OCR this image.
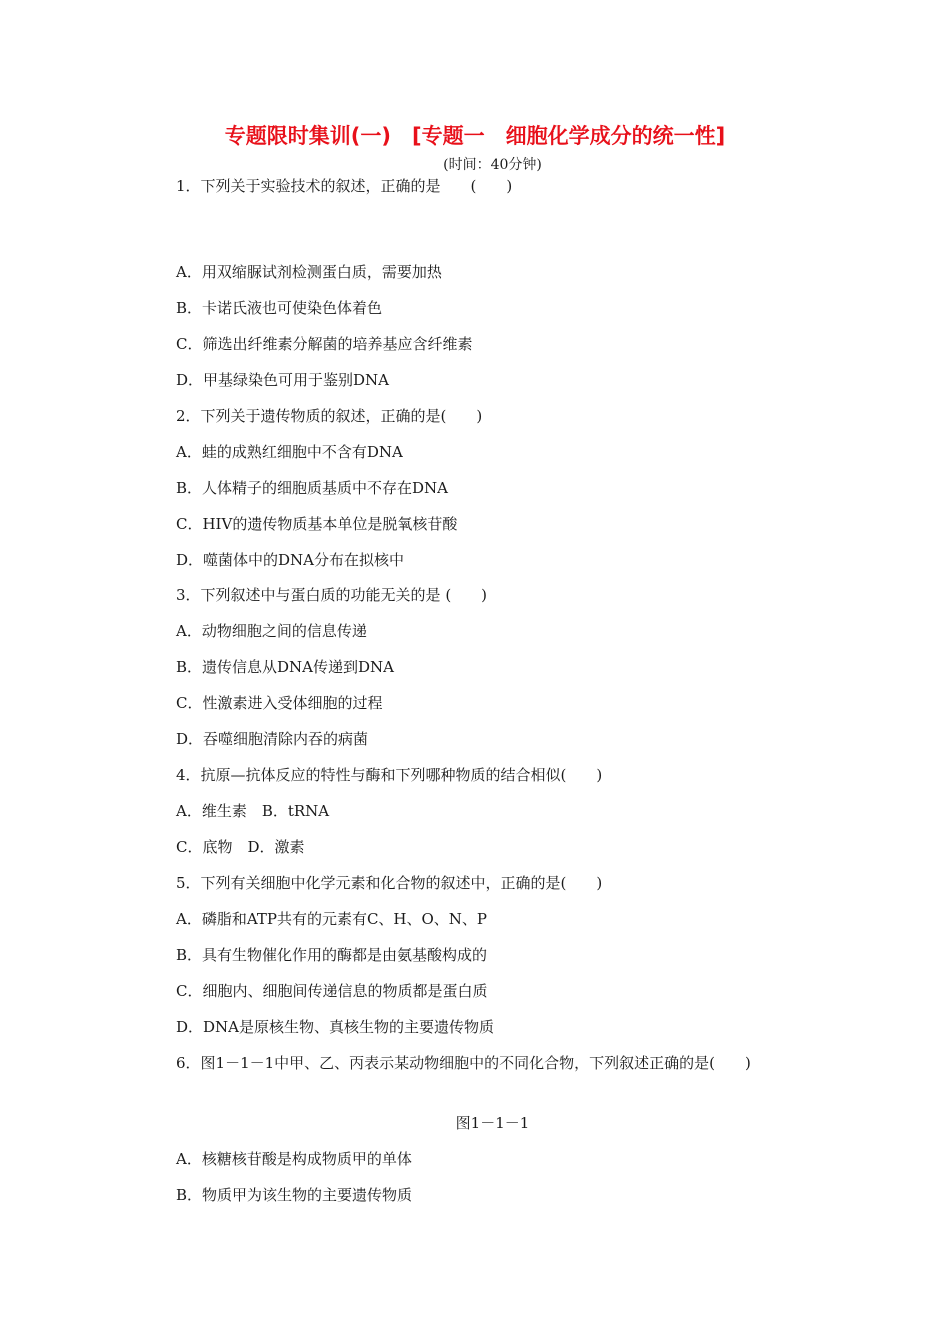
专题限时集训(一)　[专题一　细胞化学成分的统一性]
(时间：40分钟)
1．下列关于实验技术的叙述，正确的是　　(　　)
A．用双缩脲试剂检测蛋白质，需要加热
B．卡诺氏液也可使染色体着色
C．筛选出纤维素分解菌的培养基应含纤维素
D．甲基绿染色可用于鉴别DNA
2．下列关于遗传物质的叙述，正确的是(　　)
A．蛙的成熟红细胞中不含有DNA
B．人体精子的细胞质基质中不存在DNA
C．HIV的遗传物质基本单位是脱氧核苷酸
D．噬菌体中的DNA分布在拟核中
3．下列叙述中与蛋白质的功能无关的是 (　　)
A．动物细胞之间的信息传递
B．遗传信息从DNA传递到DNA
C．性激素进入受体细胞的过程
D．吞噬细胞清除内吞的病菌
4．抗原—抗体反应的特性与酶和下列哪种物质的结合相似(　　)
A．维生素　B．tRNA
C．底物　D．激素
5．下列有关细胞中化学元素和化合物的叙述中，正确的是(　　)
A．磷脂和ATP共有的元素有C、H、O、N、P
B．具有生物催化作用的酶都是由氨基酸构成的
C．细胞内、细胞间传递信息的物质都是蛋白质
D．DNA是原核生物、真核生物的主要遗传物质
6．图1－1－1中甲、乙、丙表示某动物细胞中的不同化合物，下列叙述正确的是(　　)
图1－1－1
A．核糖核苷酸是构成物质甲的单体
B．物质甲为该生物的主要遗传物质
